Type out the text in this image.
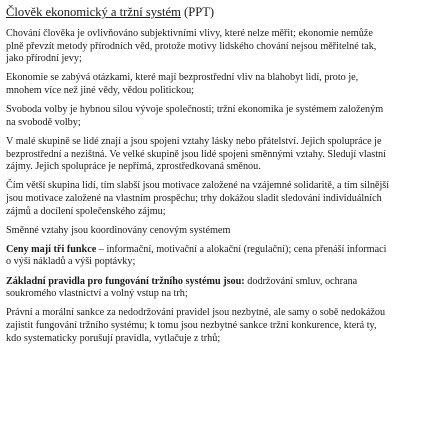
Člověk ekonomický a tržní systém (PPT)
Chování člověka je ovlivňováno subjektivními vlivy, které nelze měřit; ekonomie nemůže
plně převzít metody přírodních věd, protože motivy lidského chování nejsou měřitelné tak,
jako přírodní jevy;
Ekonomie se zabývá otázkami, které mají bezprostřední vliv na blahobyt lidí, proto je,
mnohem více než jiné vědy, vědou politickou;
Svoboda volby je hybnou silou vývoje společnosti; tržní ekonomika je systémem založeným
na svobodě volby;
V malé skupině se lidé znají a jsou spojeni vztahy lásky nebo přátelství. Jejich spolupráce je
bezprostřední a nezištná. Ve velké skupině jsou lidé spojeni směnnými vztahy. Sledují vlastní
zájmy. Jejich spolupráce je nepřímá, zprostředkovaná směnou.
Čím větší skupina lidí, tím slabší jsou motivace založené na vzájemné solidaritě, a tím silnější
jsou motivace založené na vlastním prospěchu; trhy dokážou sladit sledování individuálních
zájmů a docílení společenského zájmu;
Směnné vztahy jsou koordinovány cenovým systémem
Ceny mají tři funkce – informační, motivační a alokační (regulační); cena přenáší informaci
o výši nákladů a výši poptávky;
Základní pravidla pro fungování tržního systému jsou: dodržování smluv, ochrana
soukromého vlastnictví a volný vstup na trh;
Právní a morální sankce za nedodržování pravidel jsou nezbytné, ale samy o sobě nedokážou
zajistit fungování tržního systému; k tomu jsou nezbytné sankce tržní konkurence, která ty,
kdo systematicky porušují pravidla, vytlačuje z trhů;
